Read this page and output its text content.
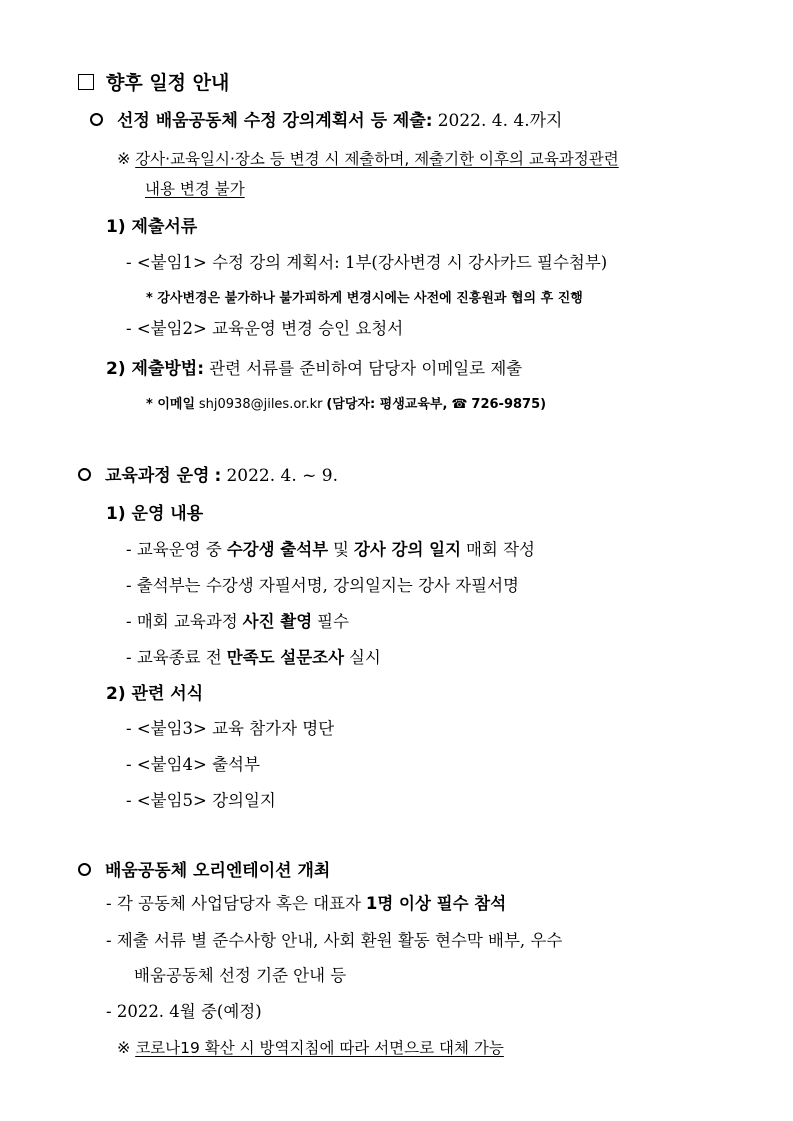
향후 일정 안내
선정 배움공동체 수정 강의계획서 등 제출: 2022. 4. 4.까지
※ 강사·교육일시·장소 등 변경 시 제출하며, 제출기한 이후의 교육과정관련
내용 변경 불가
1) 제출서류
- <붙임1> 수정 강의 계획서: 1부(강사변경 시 강사카드 필수첨부)
* 강사변경은 불가하나 불가피하게 변경시에는 사전에 진흥원과 협의 후 진행
- <붙임2> 교육운영 변경 승인 요청서
2) 제출방법: 관련 서류를 준비하여 담당자 이메일로 제출
* 이메일 shj0938@jiles.or.kr (담당자: 평생교육부, ☎ 726-9875)
교육과정 운영 : 2022. 4. ~ 9.
1) 운영 내용
- 교육운영 중 수강생 출석부 및 강사 강의 일지 매회 작성
- 출석부는 수강생 자필서명, 강의일지는 강사 자필서명
- 매회 교육과정 사진 촬영 필수
- 교육종료 전 만족도 설문조사 실시
2) 관련 서식
- <붙임3> 교육 참가자 명단
- <붙임4> 출석부
- <붙임5> 강의일지
배움공동체 오리엔테이션 개최
- 각 공동체 사업담당자 혹은 대표자 1명 이상 필수 참석
- 제출 서류 별 준수사항 안내, 사회 환원 활동 현수막 배부, 우수
배움공동체 선정 기준 안내 등
- 2022. 4월 중(예정)
※ 코로나19 확산 시 방역지침에 따라 서면으로 대체 가능
